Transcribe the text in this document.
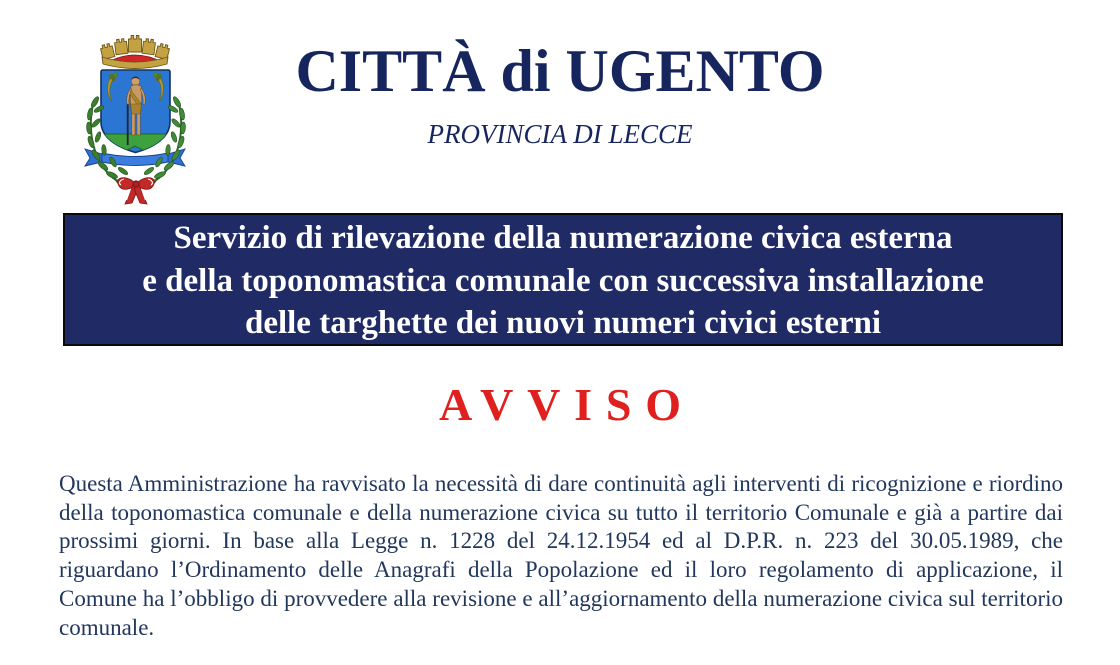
CITTÀ di UGENTO
PROVINCIA DI LECCE
Servizio di rilevazione della numerazione civica esterna
e della toponomastica comunale con successiva installazione
delle targhette dei nuovi numeri civici esterni
AVVISO
Questa Amministrazione ha ravvisato la necessità di dare continuità agli interventi di ricognizione e riordino della toponomastica comunale e della numerazione civica su tutto il territorio Comunale e già a partire dai prossimi giorni. In base alla Legge n. 1228 del 24.12.1954 ed al D.P.R. n. 223 del 30.05.1989, che riguardano l’Ordinamento delle Anagrafi della Popolazione ed il loro regolamento di applicazione, il Comune ha l’obbligo di provvedere alla revisione e all’aggiornamento della numerazione civica sul territorio comunale.
